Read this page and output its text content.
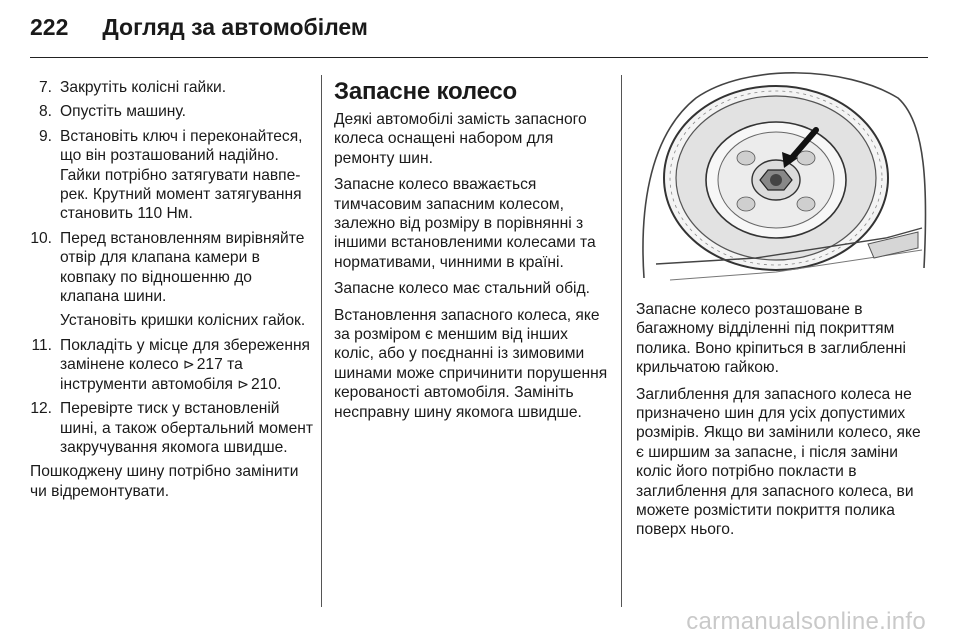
222 Догляд за автомобілем
7. Закрутіть колісні гайки.

8. Опустіть машину.

9. Встановіть ключ і переконайтеся, що він розташований надійно. Гайки потрібно затягувати навперек. Крутний момент затягування становить 110 Нм.

10. Перед встановленням вирівняйте отвір для клапана камери в ковпаку по відношенню до клапана шини.

Установіть кришки колісних гайок.

11. Покладіть у місце для збереження замінене колесо ⊳ 217 та інструменти автомобіля ⊳ 210.

12. Перевірте тиск у встановленій шині, а також обертальний момент закручування якомога швидше.

Пошкоджену шину потрібно замінити чи відремонтувати.

Запасне колесо

Деякі автомобілі замість запасного колеса оснащені набором для ремонту шин.

Запасне колесо вважається тимчасовим запасним колесом, залежно від розміру в порівнянні з іншими встановленими колесами та нормативами, чинними в країні.

Запасне колесо має стальний обід.

Встановлення запасного колеса, яке за розміром є меншим від інших коліс, або у поєднанні із зимовими шинами може спричинити порушення керованості автомобіля. Замініть несправну шину якомога швидше.

Запасне колесо розташоване в багажному відділенні під покриттям полика. Воно кріпиться в заглибленні крильчатою гайкою.

Заглиблення для запасного колеса не призначено шин для усіх допустимих розмірів. Якщо ви замінили колесо, яке є ширшим за запасне, і після заміни коліс його потрібно покласти в заглиблення для запасного колеса, ви можете розмістити покриття полика поверх нього.

carmanualsonline.info
